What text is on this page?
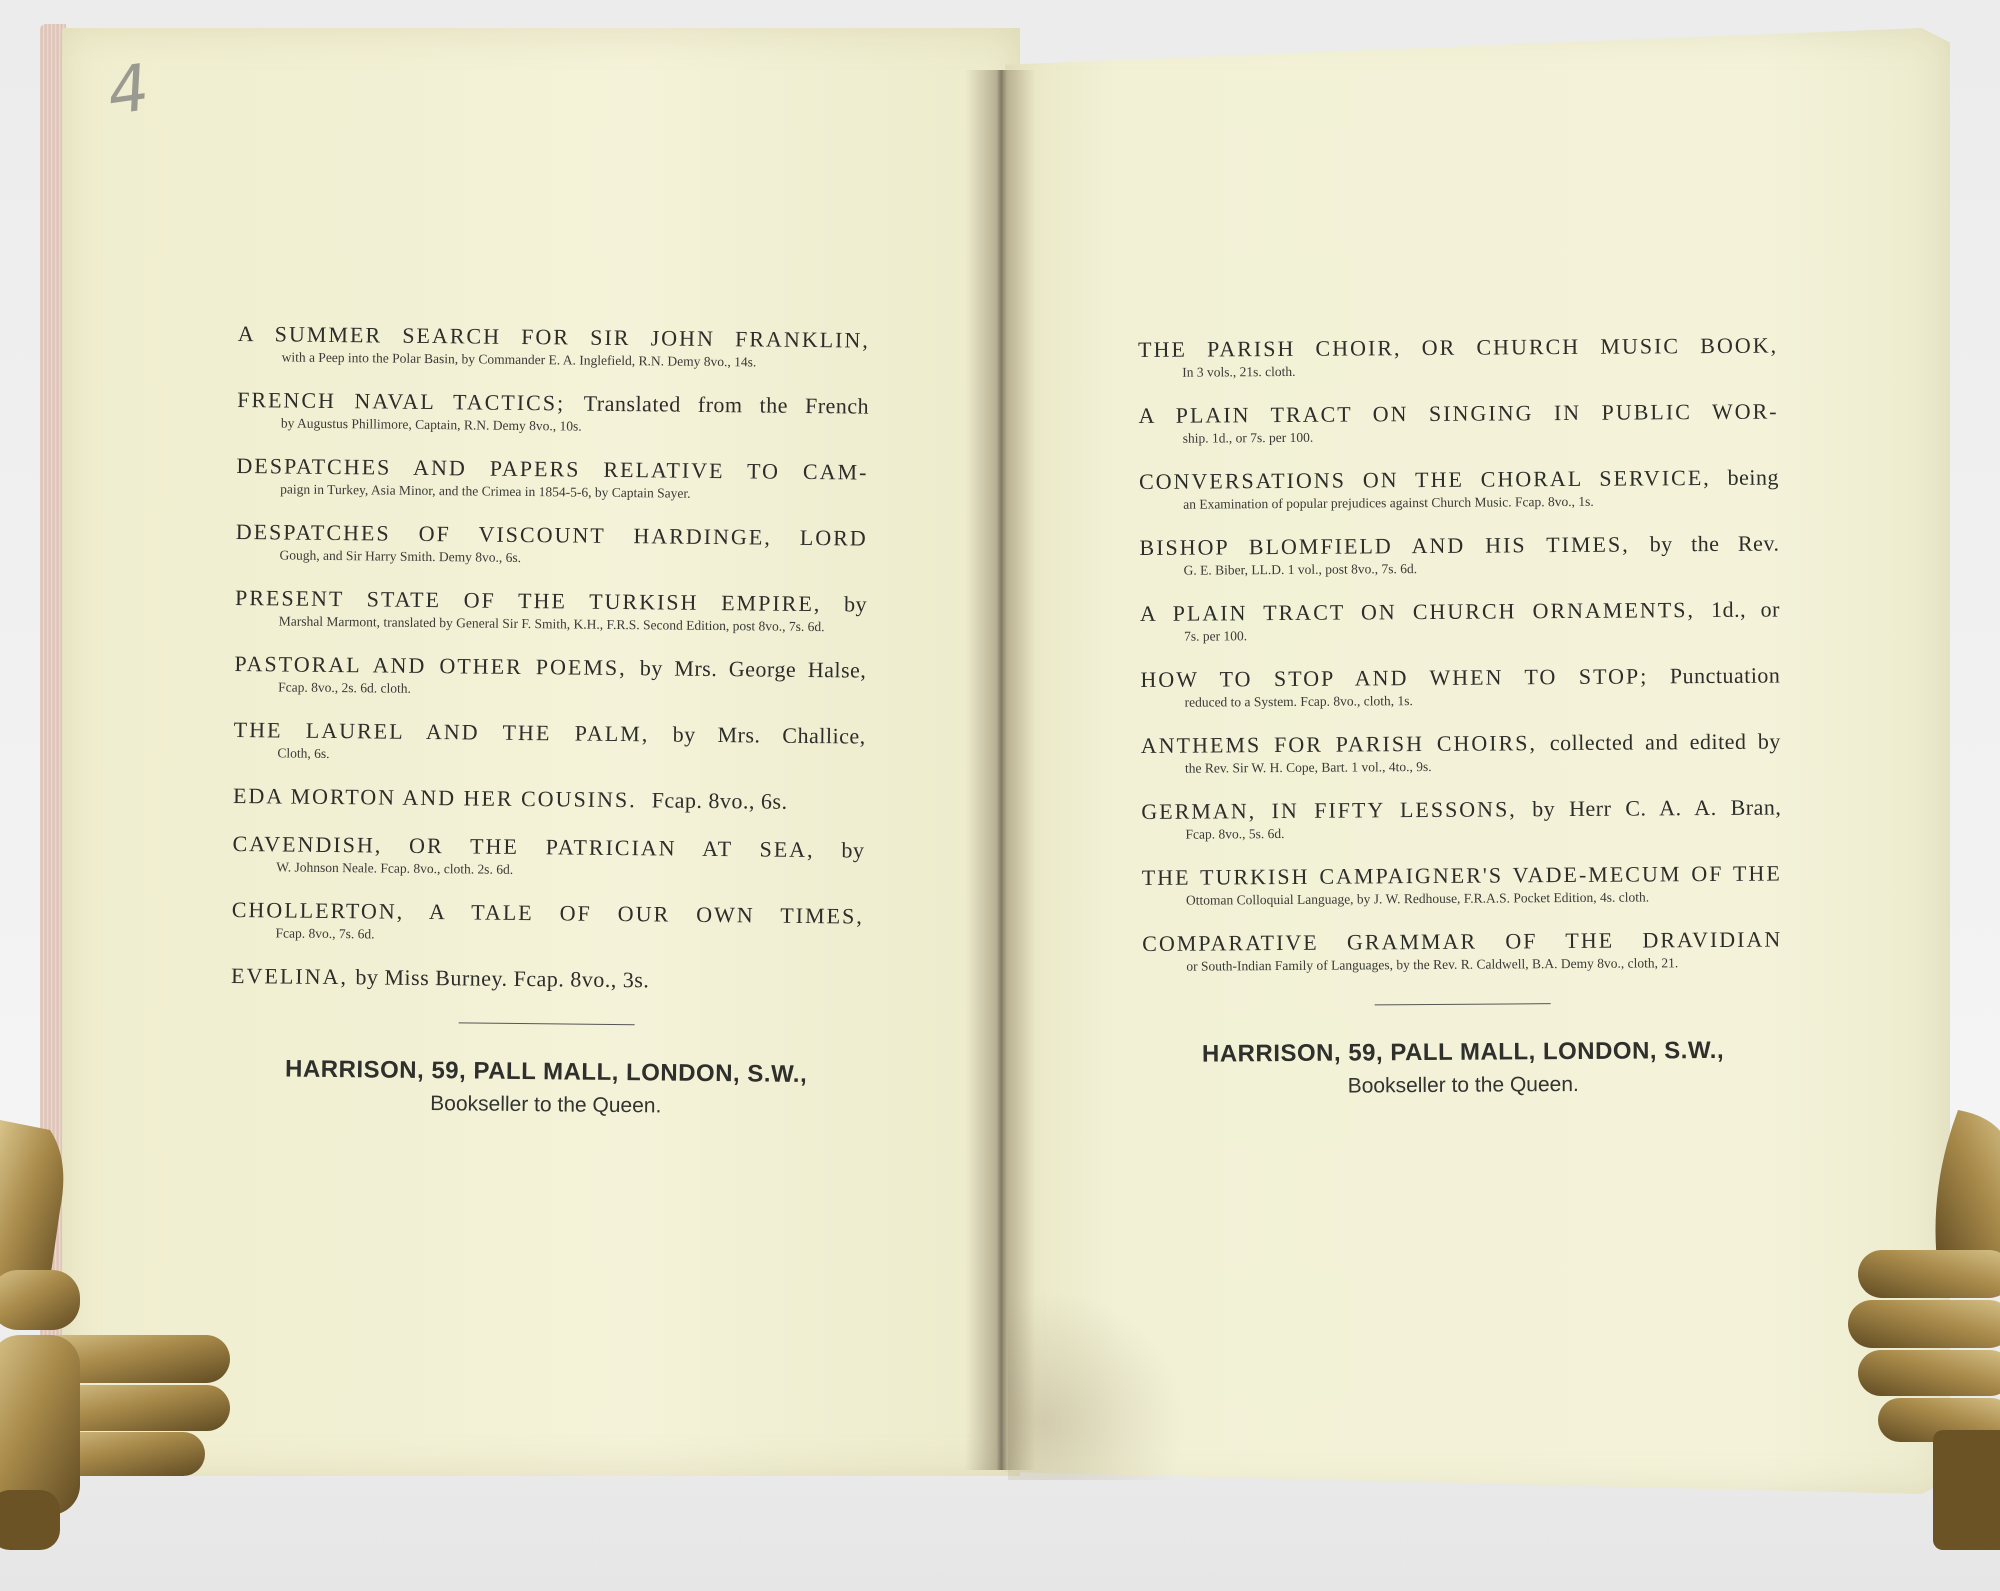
4
A SUMMER SEARCH FOR SIR JOHN FRANKLIN,
with a Peep into the Polar Basin, by Commander E. A. Inglefield, R.N. Demy 8vo., 14s.
FRENCH NAVAL TACTICS; Translated from the French
by Augustus Phillimore, Captain, R.N. Demy 8vo., 10s.
DESPATCHES AND PAPERS RELATIVE TO CAM-
paign in Turkey, Asia Minor, and the Crimea in 1854-5-6, by Captain Sayer.
DESPATCHES OF VISCOUNT HARDINGE, LORD
Gough, and Sir Harry Smith. Demy 8vo., 6s.
PRESENT STATE OF THE TURKISH EMPIRE, by
Marshal Marmont, translated by General Sir F. Smith, K.H., F.R.S. Second Edition, post 8vo., 7s. 6d.
PASTORAL AND OTHER POEMS, by Mrs. George Halse,
Fcap. 8vo., 2s. 6d. cloth.
THE LAUREL AND THE PALM, by Mrs. Challice,
Cloth, 6s.
EDA MORTON AND HER COUSINS. Fcap. 8vo., 6s.
CAVENDISH, OR THE PATRICIAN AT SEA, by
W. Johnson Neale. Fcap. 8vo., cloth. 2s. 6d.
CHOLLERTON, A TALE OF OUR OWN TIMES,
Fcap. 8vo., 7s. 6d.
EVELINA, by Miss Burney. Fcap. 8vo., 3s.
HARRISON, 59, PALL MALL, LONDON, S.W.,
Bookseller to the Queen.
THE PARISH CHOIR, OR CHURCH MUSIC BOOK,
In 3 vols., 21s. cloth.
A PLAIN TRACT ON SINGING IN PUBLIC WOR-
ship. 1d., or 7s. per 100.
CONVERSATIONS ON THE CHORAL SERVICE, being
an Examination of popular prejudices against Church Music. Fcap. 8vo., 1s.
BISHOP BLOMFIELD AND HIS TIMES, by the Rev.
G. E. Biber, LL.D. 1 vol., post 8vo., 7s. 6d.
A PLAIN TRACT ON CHURCH ORNAMENTS, 1d., or
7s. per 100.
HOW TO STOP AND WHEN TO STOP; Punctuation
reduced to a System. Fcap. 8vo., cloth, 1s.
ANTHEMS FOR PARISH CHOIRS, collected and edited by
the Rev. Sir W. H. Cope, Bart. 1 vol., 4to., 9s.
GERMAN, IN FIFTY LESSONS, by Herr C. A. A. Bran,
Fcap. 8vo., 5s. 6d.
THE TURKISH CAMPAIGNER'S VADE-MECUM OF THE
Ottoman Colloquial Language, by J. W. Redhouse, F.R.A.S. Pocket Edition, 4s. cloth.
COMPARATIVE GRAMMAR OF THE DRAVIDIAN
or South-Indian Family of Languages, by the Rev. R. Caldwell, B.A. Demy 8vo., cloth, 21.
HARRISON, 59, PALL MALL, LONDON, S.W.,
Bookseller to the Queen.
